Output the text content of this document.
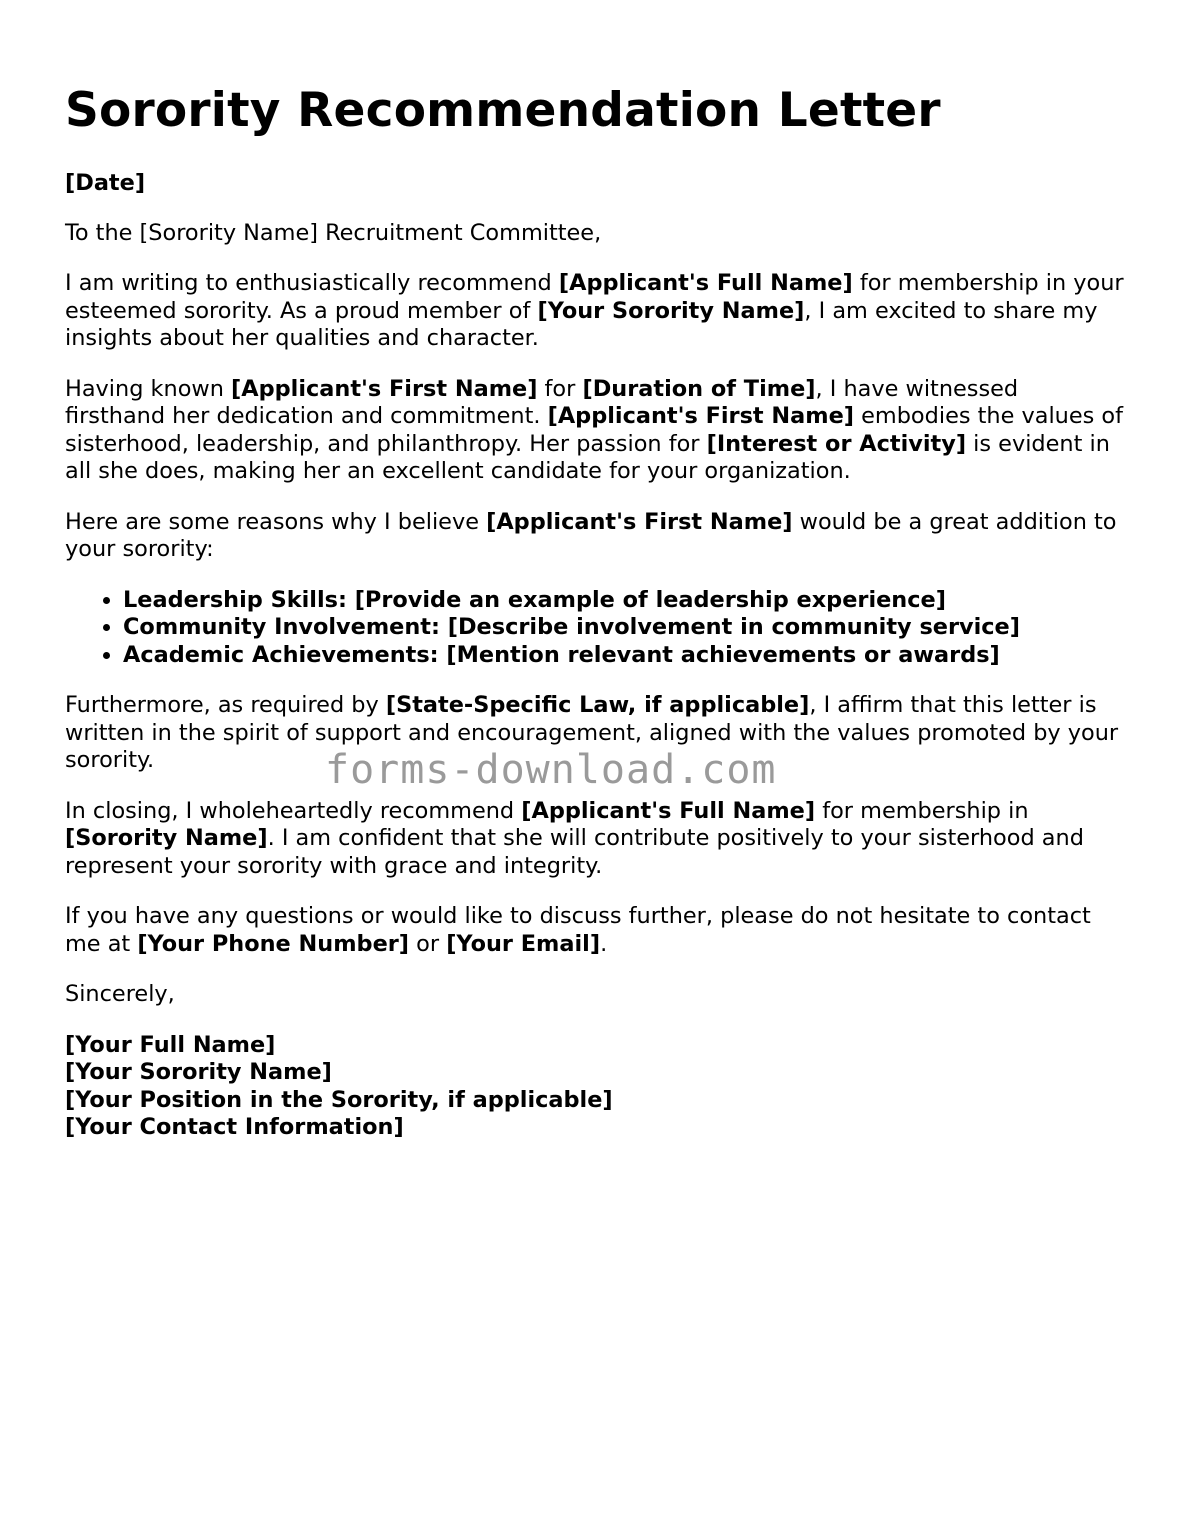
Sorority Recommendation Letter

[Date]

To the [Sorority Name] Recruitment Committee,

I am writing to enthusiastically recommend [Applicant's Full Name] for membership in your esteemed sorority. As a proud member of [Your Sorority Name], I am excited to share my insights about her qualities and character.

Having known [Applicant's First Name] for [Duration of Time], I have witnessed firsthand her dedication and commitment. [Applicant's First Name] embodies the values of sisterhood, leadership, and philanthropy. Her passion for [Interest or Activity] is evident in all she does, making her an excellent candidate for your organization.

Here are some reasons why I believe [Applicant's First Name] would be a great addition to your sorority:

• Leadership Skills: [Provide an example of leadership experience]
• Community Involvement: [Describe involvement in community service]
• Academic Achievements: [Mention relevant achievements or awards]

Furthermore, as required by [State-Specific Law, if applicable], I affirm that this letter is written in the spirit of support and encouragement, aligned with the values promoted by your sorority.

In closing, I wholeheartedly recommend [Applicant's Full Name] for membership in [Sorority Name]. I am confident that she will contribute positively to your sisterhood and represent your sorority with grace and integrity.

If you have any questions or would like to discuss further, please do not hesitate to contact me at [Your Phone Number] or [Your Email].

Sincerely,

[Your Full Name]
[Your Sorority Name]
[Your Position in the Sorority, if applicable]
[Your Contact Information]
forms-download.com
